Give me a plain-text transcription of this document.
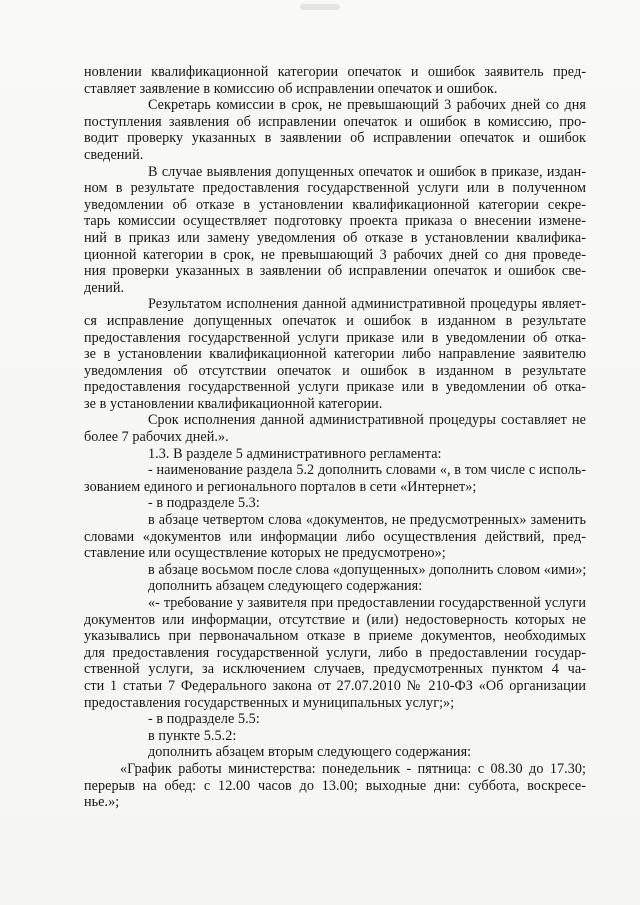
новлении квалификационной категории опечаток и ошибок заявитель пред-
ставляет заявление в комиссию об исправлении опечаток и ошибок.
Секретарь комиссии в срок, не превышающий 3 рабочих дней со дня
поступления заявления об исправлении опечаток и ошибок в комиссию, про-
водит проверку указанных в заявлении об исправлении опечаток и ошибок
сведений.
В случае выявления допущенных опечаток и ошибок в приказе, издан-
ном в результате предоставления государственной услуги или в полученном
уведомлении об отказе в установлении квалификационной категории секре-
тарь комиссии осуществляет подготовку проекта приказа о внесении измене-
ний в приказ или замену уведомления об отказе в установлении квалифика-
ционной категории в срок, не превышающий 3 рабочих дней со дня проведе-
ния проверки указанных в заявлении об исправлении опечаток и ошибок све-
дений.
Результатом исполнения данной административной процедуры являет-
ся исправление допущенных опечаток и ошибок в изданном в результате
предоставления государственной услуги приказе или в уведомлении об отка-
зе в установлении квалификационной категории либо направление заявителю
уведомления об отсутствии опечаток и ошибок в изданном в результате
предоставления государственной услуги приказе или в уведомлении об отка-
зе в установлении квалификационной категории.
Срок исполнения данной административной процедуры составляет не
более 7 рабочих дней.».
1.3. В разделе 5 административного регламента:
- наименование раздела 5.2 дополнить словами «, в том числе с исполь-
зованием единого и регионального порталов в сети «Интернет»;
- в подразделе 5.3:
в абзаце четвертом слова «документов, не предусмотренных» заменить
словами «документов или информации либо осуществления действий, пред-
ставление или осуществление которых не предусмотрено»;
в абзаце восьмом после слова «допущенных» дополнить словом «ими»;
дополнить абзацем следующего содержания:
«- требование у заявителя при предоставлении государственной услуги
документов или информации, отсутствие и (или) недостоверность которых не
указывались при первоначальном отказе в приеме документов, необходимых
для предоставления государственной услуги, либо в предоставлении государ-
ственной услуги, за исключением случаев, предусмотренных пунктом 4 ча-
сти 1 статьи 7 Федерального закона от 27.07.2010 № 210-ФЗ «Об организации
предоставления государственных и муниципальных услуг;»;
- в подразделе 5.5:
в пункте 5.5.2:
дополнить абзацем вторым следующего содержания:
«График работы министерства: понедельник - пятница: с 08.30 до 17.30;
перерыв на обед: с 12.00 часов до 13.00; выходные дни: суббота, воскресе-
нье.»;
